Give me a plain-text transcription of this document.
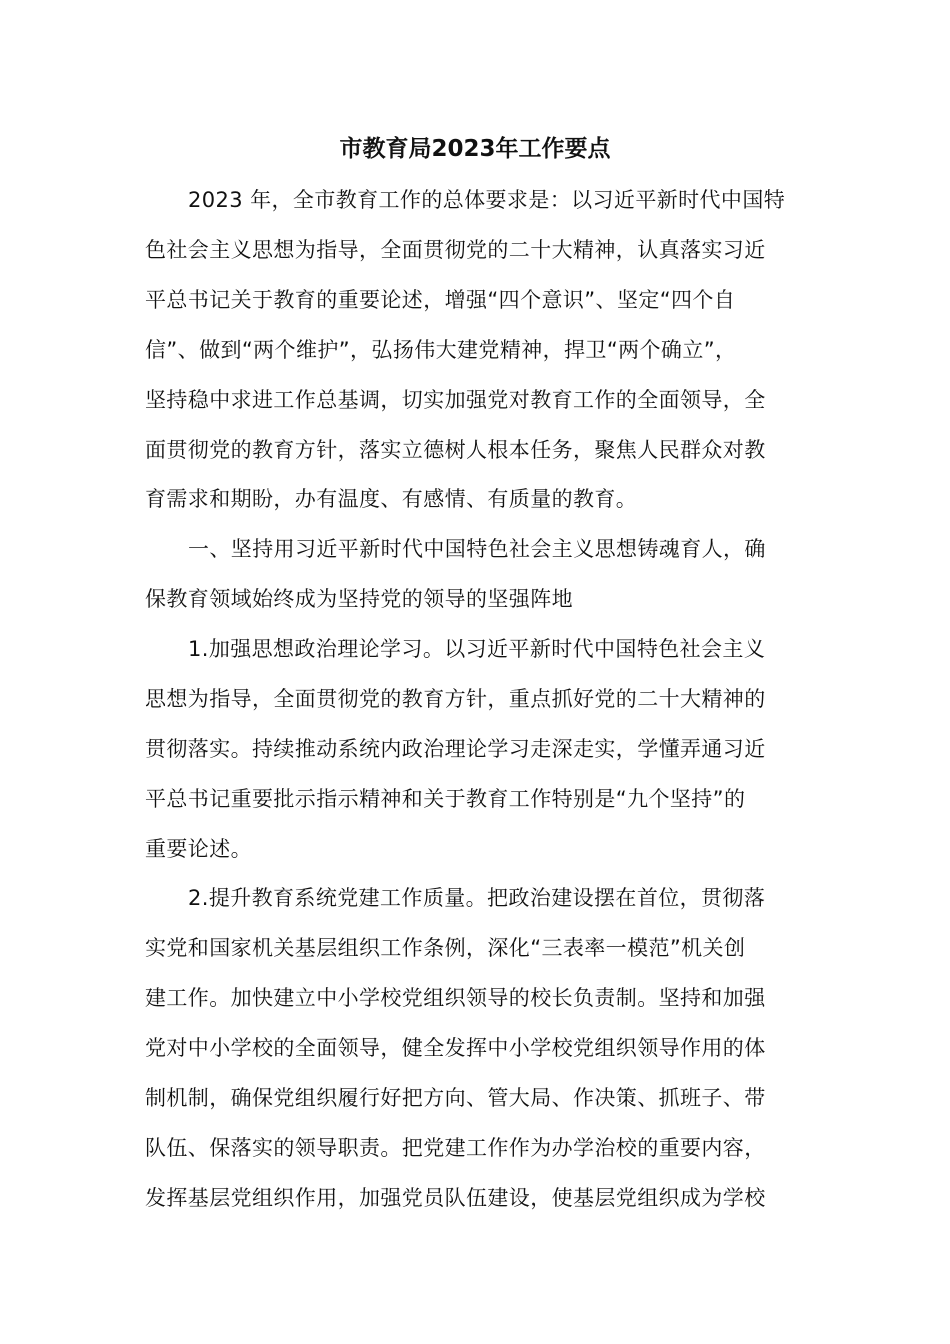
市教育局2023年工作要点
2023 年，全市教育工作的总体要求是：以习近平新时代中国特
色社会主义思想为指导，全面贯彻党的二十大精神，认真落实习近
平总书记关于教育的重要论述，增强“四个意识”、坚定“四个自
信”、做到“两个维护”，弘扬伟大建党精神，捍卫“两个确立”，
坚持稳中求进工作总基调，切实加强党对教育工作的全面领导，全
面贯彻党的教育方针，落实立德树人根本任务，聚焦人民群众对教
育需求和期盼，办有温度、有感情、有质量的教育。
一、坚持用习近平新时代中国特色社会主义思想铸魂育人，确
保教育领域始终成为坚持党的领导的坚强阵地
1.加强思想政治理论学习。以习近平新时代中国特色社会主义
思想为指导，全面贯彻党的教育方针，重点抓好党的二十大精神的
贯彻落实。持续推动系统内政治理论学习走深走实，学懂弄通习近
平总书记重要批示指示精神和关于教育工作特别是“九个坚持”的
重要论述。
2.提升教育系统党建工作质量。把政治建设摆在首位，贯彻落
实党和国家机关基层组织工作条例，深化“三表率一模范”机关创
建工作。加快建立中小学校党组织领导的校长负责制。坚持和加强
党对中小学校的全面领导，健全发挥中小学校党组织领导作用的体
制机制，确保党组织履行好把方向、管大局、作决策、抓班子、带
队伍、保落实的领导职责。把党建工作作为办学治校的重要内容，
发挥基层党组织作用，加强党员队伍建设，使基层党组织成为学校
